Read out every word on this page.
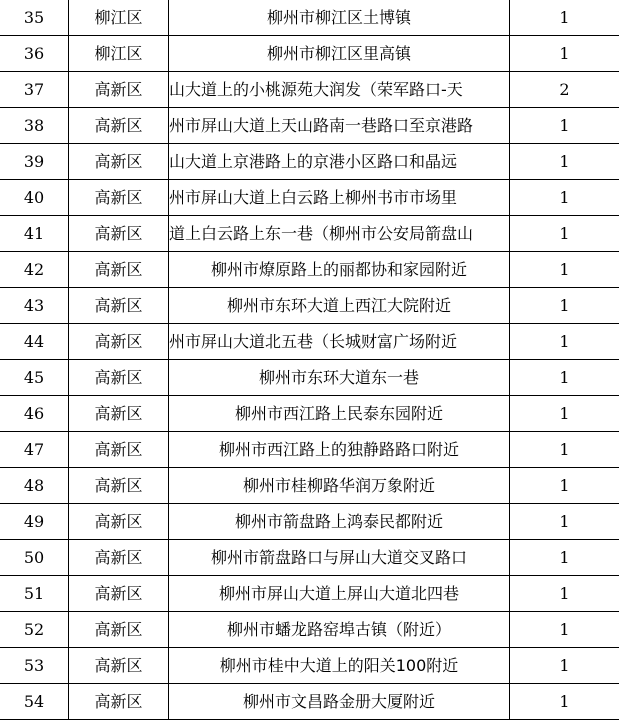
35	柳江区	柳州市柳江区土博镇	1
36	柳江区	柳州市柳江区里高镇	1
37	高新区	山大道上的小桃源苑大润发（荣军路口-天	2
38	高新区	州市屏山大道上天山路南一巷路口至京港路	1
39	高新区	山大道上京港路上的京港小区路口和晶远	1
40	高新区	州市屏山大道上白云路上柳州书市市场里	1
41	高新区	道上白云路上东一巷（柳州市公安局箭盘山	1
42	高新区	柳州市燎原路上的丽都协和家园附近	1
43	高新区	柳州市东环大道上西江大院附近	1
44	高新区	州市屏山大道北五巷（长城财富广场附近	1
45	高新区	柳州市东环大道东一巷	1
46	高新区	柳州市西江路上民泰东园附近	1
47	高新区	柳州市西江路上的独静路路口附近	1
48	高新区	柳州市桂柳路华润万象附近	1
49	高新区	柳州市箭盘路上鸿泰民都附近	1
50	高新区	柳州市箭盘路口与屏山大道交叉路口	1
51	高新区	柳州市屏山大道上屏山大道北四巷	1
52	高新区	柳州市蟠龙路窑埠古镇（附近）	1
53	高新区	柳州市桂中大道上的阳关100附近	1
54	高新区	柳州市文昌路金册大厦附近	1
